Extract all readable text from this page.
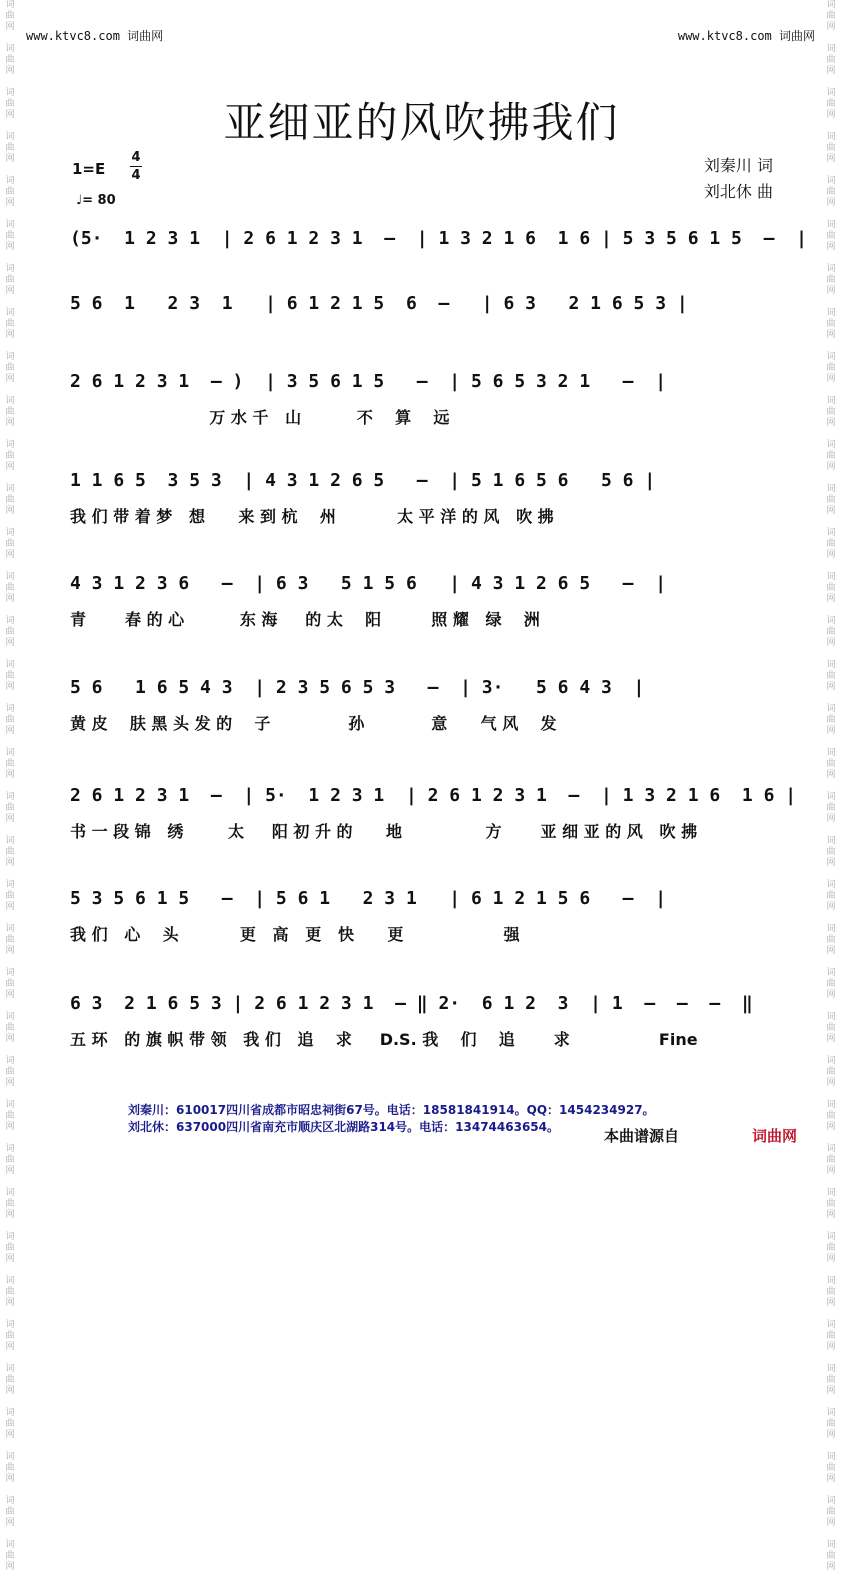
词
曲
网

词
曲
网

词
曲
网

词
曲
网

词
曲
网

词
曲
网

词
曲
网

词
曲
网

词
曲
网

词
曲
网

词
曲
网

词
曲
网

词
曲
网

词
曲
网

词
曲
网

词
曲
网

词
曲
网

词
曲
网

词
曲
网

词
曲
网

词
曲
网

词
曲
网

词
曲
网

词
曲
网

词
曲
网

词
曲
网

词
曲
网

词
曲
网

词
曲
网

词
曲
网

词
曲
网

词
曲
网

词
曲
网

词
曲
网

词
曲
网

词
曲
网
词
曲
网

词
曲
网

词
曲
网

词
曲
网

词
曲
网

词
曲
网

词
曲
网

词
曲
网

词
曲
网

词
曲
网

词
曲
网

词
曲
网

词
曲
网

词
曲
网

词
曲
网

词
曲
网

词
曲
网

词
曲
网

词
曲
网

词
曲
网

词
曲
网

词
曲
网

词
曲
网

词
曲
网

词
曲
网

词
曲
网

词
曲
网

词
曲
网

词
曲
网

词
曲
网

词
曲
网

词
曲
网

词
曲
网

词
曲
网

词
曲
网

词
曲
网
www.ktvc8.com 词曲网	www.ktvc8.com 词曲网
亚细亚的风吹拂我们
1=E
4
4
♩= 80
刘秦川 词
刘北休 曲
(5·  1 2 3 1  | 2 6 1 2 3 1  —  | 1 3 2 1 6  1 6 | 5 3 5 6 1 5  —  |
5 6  1   2 3  1   | 6 1 2 1 5  6  —   | 6 3   2 1 6 5 3 |
2 6 1 2 3 1  — )  | 3 5 6 1 5   —  | 5 6 5 3 2 1   —  |
万 水 千   山          不    算    远
1 1 6 5  3 5 3  | 4 3 1 2 6 5   —  | 5 1 6 5 6   5 6 |
我 们 带 着 梦   想      来 到 杭    州           太 平 洋 的 风   吹 拂
4 3 1 2 3 6   —  | 6 3   5 1 5 6   | 4 3 1 2 6 5   —  |
青       春 的 心          东 海     的 太    阳         照 耀   绿    洲
5 6   1 6 5 4 3  | 2 3 5 6 5 3   —  | 3·   5 6 4 3  |
黄 皮    肤 黑 头 发 的    子              孙            意      气 风    发
2 6 1 2 3 1  —  | 5·  1 2 3 1  | 2 6 1 2 3 1  —  | 1 3 2 1 6  1 6 |
书 一 段 锦   绣        太     阳 初 升 的      地               方       亚 细 亚 的 风   吹 拂
5 3 5 6 1 5   —  | 5 6 1   2 3 1   | 6 1 2 1 5 6   —  |
我 们   心    头           更   高   更   快      更                  强
6 3  2 1 6 5 3 | 2 6 1 2 3 1  — ‖ 2·  6 1 2  3  | 1  —  —  —  ‖
五 环   的 旗 帜 带 领   我 们   追    求     D.S. 我    们    追       求                Fine
刘秦川：610017四川省成都市昭忠祠街67号。电话：18581841914。QQ：1454234927。
刘北休：637000四川省南充市顺庆区北湖路314号。电话：13474463654。	本曲谱源自	词曲网
